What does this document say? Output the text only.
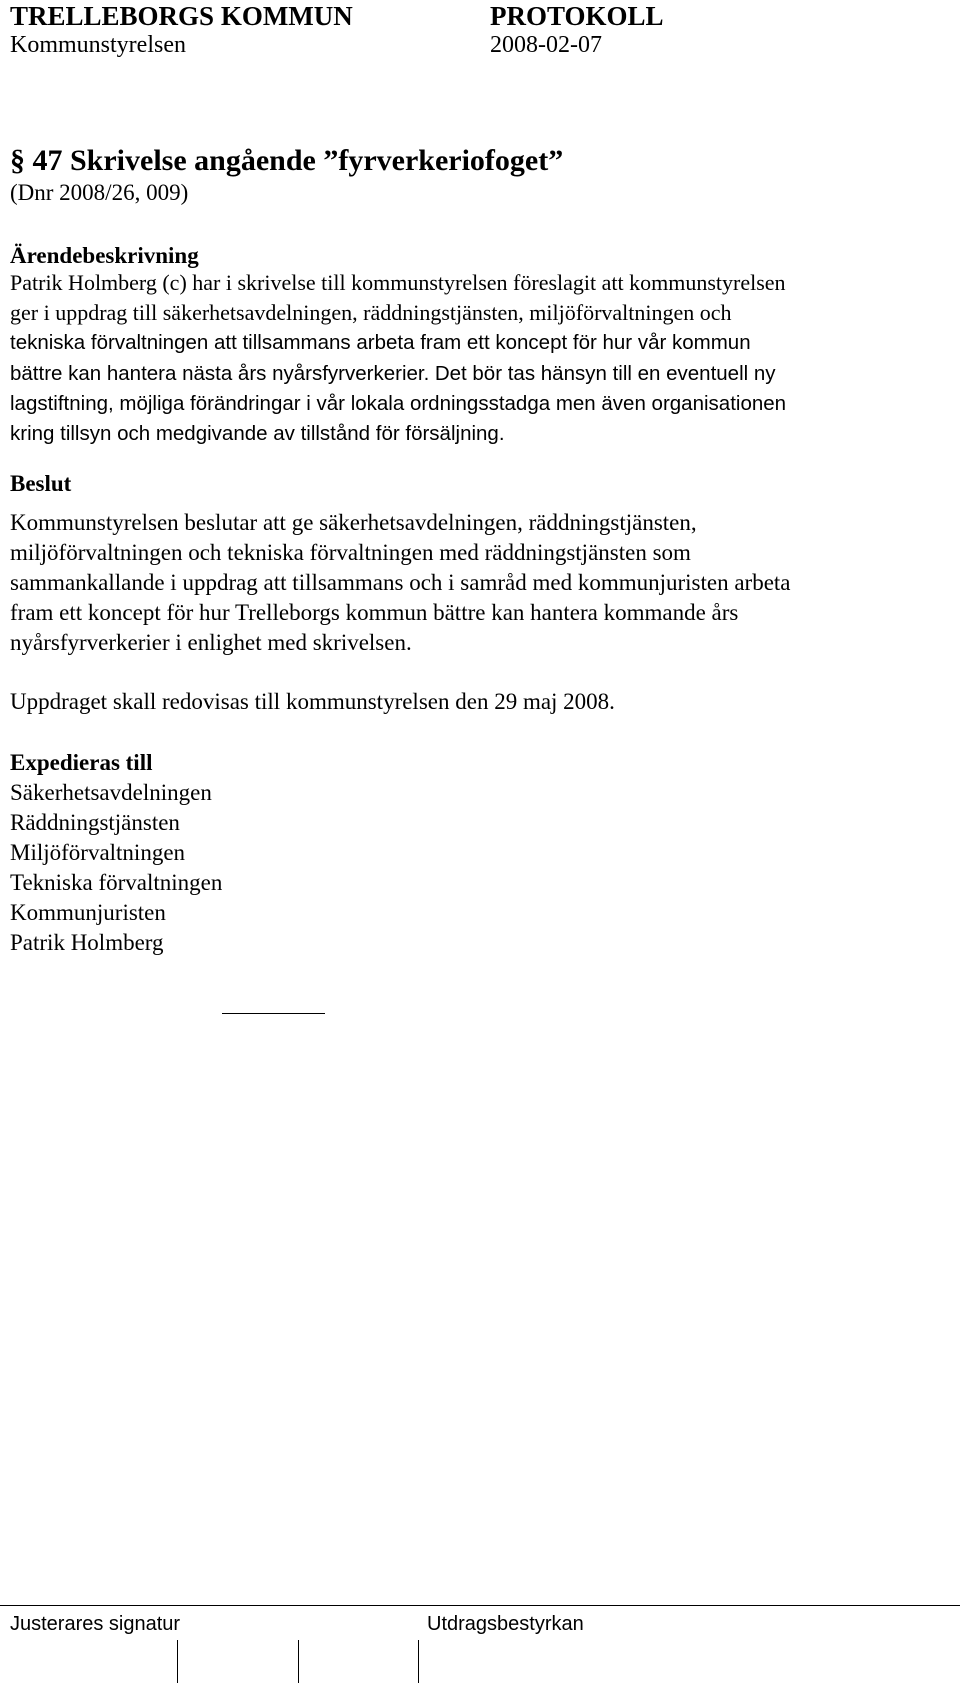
TRELLEBORGS KOMMUN	PROTOKOLL
Kommunstyrelsen	2008-02-07
§ 47 Skrivelse angående ”fyrverkeriofoget”
(Dnr 2008/26, 009)
Ärendebeskrivning
Patrik Holmberg (c) har i skrivelse till kommunstyrelsen föreslagit att kommunstyrelsen
ger i uppdrag till säkerhetsavdelningen, räddningstjänsten, miljöförvaltningen och
tekniska förvaltningen att tillsammans arbeta fram ett koncept för hur vår kommun
bättre kan hantera nästa års nyårsfyrverkerier. Det bör tas hänsyn till en eventuell ny
lagstiftning, möjliga förändringar i vår lokala ordningsstadga men även organisationen
kring tillsyn och medgivande av tillstånd för försäljning.
Beslut
Kommunstyrelsen beslutar att ge säkerhetsavdelningen, räddningstjänsten,
miljöförvaltningen och tekniska förvaltningen med räddningstjänsten som
sammankallande i uppdrag att tillsammans och i samråd med kommunjuristen arbeta
fram ett koncept för hur Trelleborgs kommun bättre kan hantera kommande års
nyårsfyrverkerier i enlighet med skrivelsen.
Uppdraget skall redovisas till kommunstyrelsen den 29 maj 2008.
Expedieras till
Säkerhetsavdelningen
Räddningstjänsten
Miljöförvaltningen
Tekniska förvaltningen
Kommunjuristen
Patrik Holmberg
Justerares signatur	Utdragsbestyrkan
